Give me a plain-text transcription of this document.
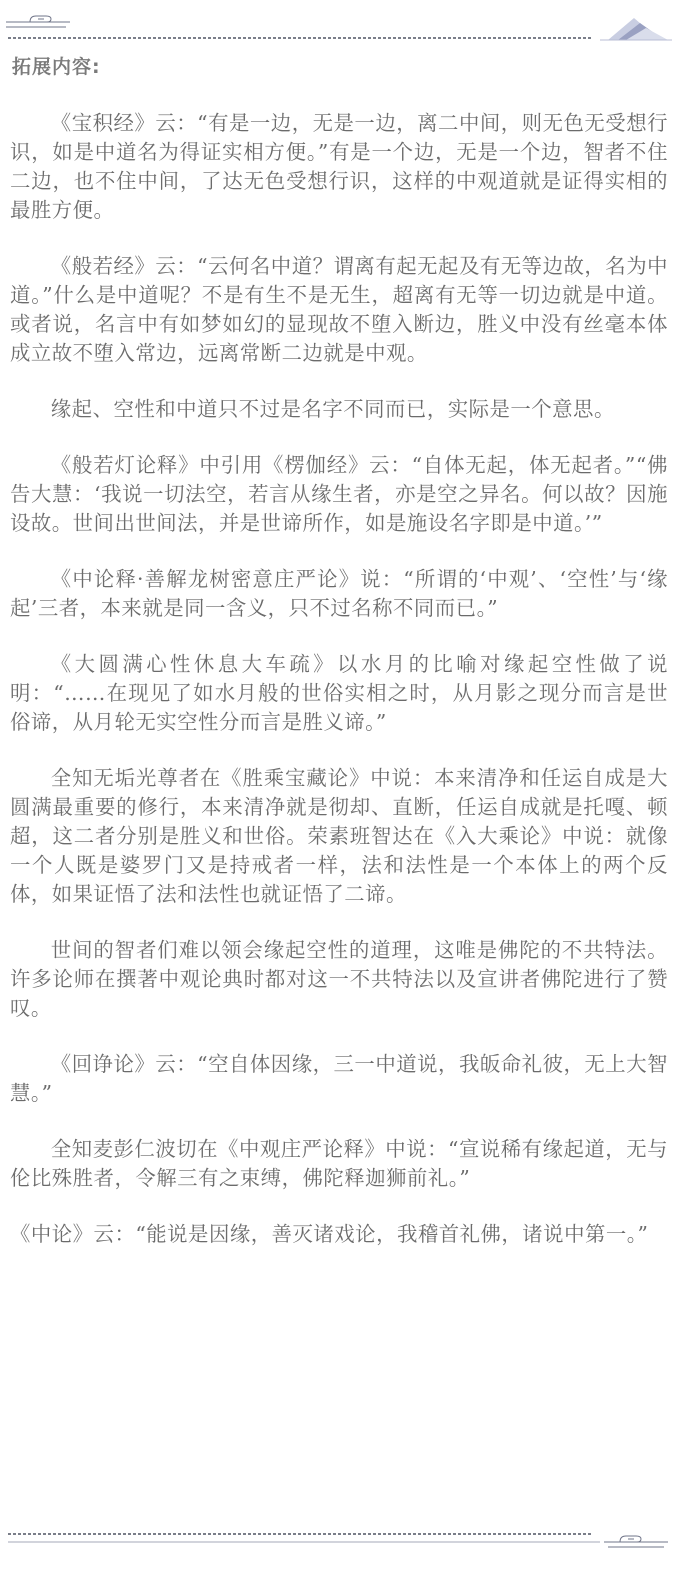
拓展内容:

《宝积经》云：“有是一边，无是一边，离二中间，则无色无受想行识，如是中道名为得证实相方便。”有是一个边，无是一个边，智者不住二边，也不住中间，了达无色受想行识，这样的中观道就是证得实相的最胜方便。

《般若经》云：“云何名中道？谓离有起无起及有无等边故，名为中道。”什么是中道呢？不是有生不是无生，超离有无等一切边就是中道。或者说，名言中有如梦如幻的显现故不堕入断边，胜义中没有丝毫本体成立故不堕入常边，远离常断二边就是中观。

缘起、空性和中道只不过是名字不同而已，实际是一个意思。

《般若灯论释》中引用《楞伽经》云：“自体无起，体无起者。”“佛告大慧：‘我说一切法空，若言从缘生者，亦是空之异名。何以故？因施设故。世间出世间法，并是世谛所作，如是施设名字即是中道。’”

《中论释·善解龙树密意庄严论》说：“所谓的‘中观’、‘空性’与‘缘起’三者，本来就是同一含义，只不过名称不同而已。”

《大圆满心性休息大车疏》以水月的比喻对缘起空性做了说明：“……在现见了如水月般的世俗实相之时，从月影之现分而言是世俗谛，从月轮无实空性分而言是胜义谛。”

全知无垢光尊者在《胜乘宝藏论》中说：本来清净和任运自成是大圆满最重要的修行，本来清净就是彻却、直断，任运自成就是托嘎、顿超，这二者分别是胜义和世俗。荣素班智达在《入大乘论》中说：就像一个人既是婆罗门又是持戒者一样，法和法性是一个本体上的两个反体，如果证悟了法和法性也就证悟了二谛。

世间的智者们难以领会缘起空性的道理，这唯是佛陀的不共特法。许多论师在撰著中观论典时都对这一不共特法以及宣讲者佛陀进行了赞叹。

《回诤论》云：“空自体因缘，三一中道说，我皈命礼彼，无上大智慧。”

全知麦彭仁波切在《中观庄严论释》中说：“宣说稀有缘起道，无与伦比殊胜者，令解三有之束缚，佛陀释迦狮前礼。”

《中论》云：“能说是因缘，善灭诸戏论，我稽首礼佛，诸说中第一。”
